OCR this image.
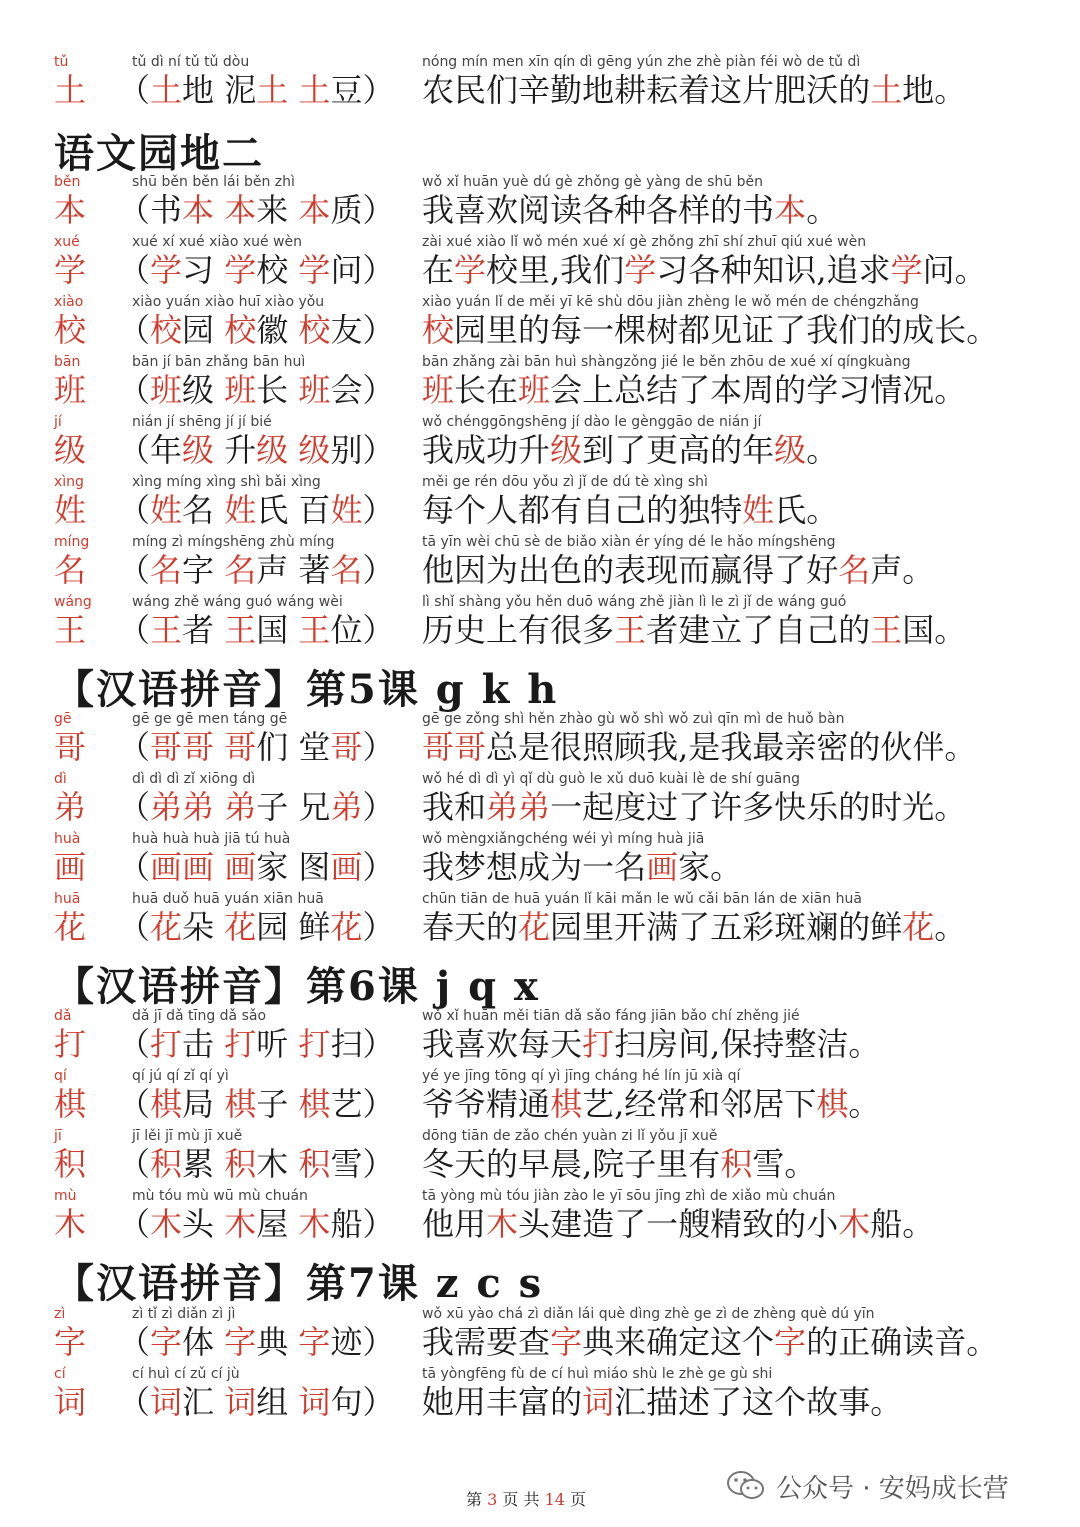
tǔ
土
tǔ dì ní tǔ tǔ dòu
（土地 泥土 土豆）
nóng mín men xīn qín dì gēng yún zhe zhè piàn féi wò de tǔ dì
农民们辛勤地耕耘着这片肥沃的土地。
语文园地二
běn
本
shū běn běn lái běn zhì
（书本 本来 本质）
wǒ xǐ huān yuè dú gè zhǒng gè yàng de shū běn
我喜欢阅读各种各样的书本。
xué
学
xué xí xué xiào xué wèn
（学习 学校 学问）
zài xué xiào lǐ wǒ mén xué xí gè zhǒng zhī shí zhuī qiú xué wèn
在学校里,我们学习各种知识,追求学问。
xiào
校
xiào yuán xiào huī xiào yǒu
（校园 校徽 校友）
xiào yuán lǐ de měi yī kē shù dōu jiàn zhèng le wǒ mén de chéngzhǎng
校园里的每一棵树都见证了我们的成长。
bān
班
bān jí bān zhǎng bān huì
（班级 班长 班会）
bān zhǎng zài bān huì shàngzǒng jié le běn zhōu de xué xí qíngkuàng
班长在班会上总结了本周的学习情况。
jí
级
nián jí shēng jí jí bié
（年级 升级 级别）
wǒ chénggōngshēng jí dào le gènggāo de nián jí
我成功升级到了更高的年级。
xìng
姓
xìng míng xìng shì bǎi xìng
（姓名 姓氏 百姓）
měi ge rén dōu yǒu zì jǐ de dú tè xìng shì
每个人都有自己的独特姓氏。
míng
名
míng zì míngshēng zhù míng
（名字 名声 著名）
tā yīn wèi chū sè de biǎo xiàn ér yíng dé le hǎo míngshēng
他因为出色的表现而赢得了好名声。
wáng
王
wáng zhě wáng guó wáng wèi
（王者 王国 王位）
lì shǐ shàng yǒu hěn duō wáng zhě jiàn lì le zì jǐ de wáng guó
历史上有很多王者建立了自己的王国。
【汉语拼音】第5课 g k h
gē
哥
gē ge gē men táng gē
（哥哥 哥们 堂哥）
gē ge zǒng shì hěn zhào gù wǒ shì wǒ zuì qīn mì de huǒ bàn
哥哥总是很照顾我,是我最亲密的伙伴。
dì
弟
dì dì dì zǐ xiōng dì
（弟弟 弟子 兄弟）
wǒ hé dì dì yì qǐ dù guò le xǔ duō kuài lè de shí guāng
我和弟弟一起度过了许多快乐的时光。
huà
画
huà huà huà jiā tú huà
（画画 画家 图画）
wǒ mèngxiǎngchéng wéi yì míng huà jiā
我梦想成为一名画家。
huā
花
huā duǒ huā yuán xiān huā
（花朵 花园 鲜花）
chūn tiān de huā yuán lǐ kāi mǎn le wǔ cǎi bān lán de xiān huā
春天的花园里开满了五彩斑斓的鲜花。
【汉语拼音】第6课 j q x
dǎ
打
dǎ jī dǎ tīng dǎ sǎo
（打击 打听 打扫）
wǒ xǐ huān měi tiān dǎ sǎo fáng jiān bǎo chí zhěng jié
我喜欢每天打扫房间,保持整洁。
qí
棋
qí jú qí zǐ qí yì
（棋局 棋子 棋艺）
yé ye jīng tōng qí yì jīng cháng hé lín jū xià qí
爷爷精通棋艺,经常和邻居下棋。
jī
积
jī lěi jī mù jī xuě
（积累 积木 积雪）
dōng tiān de zǎo chén yuàn zi lǐ yǒu jī xuě
冬天的早晨,院子里有积雪。
mù
木
mù tóu mù wū mù chuán
（木头 木屋 木船）
tā yòng mù tóu jiàn zào le yī sōu jīng zhì de xiǎo mù chuán
他用木头建造了一艘精致的小木船。
【汉语拼音】第7课 z c s
zì
字
zì tǐ zì diǎn zì jì
（字体 字典 字迹）
wǒ xū yào chá zì diǎn lái què dìng zhè ge zì de zhèng què dú yīn
我需要查字典来确定这个字的正确读音。
cí
词
cí huì cí zǔ cí jù
（词汇 词组 词句）
tā yòngfēng fù de cí huì miáo shù le zhè ge gù shi
她用丰富的词汇描述了这个故事。
第 3 页 共 14 页	公众号 · 安妈成长营
